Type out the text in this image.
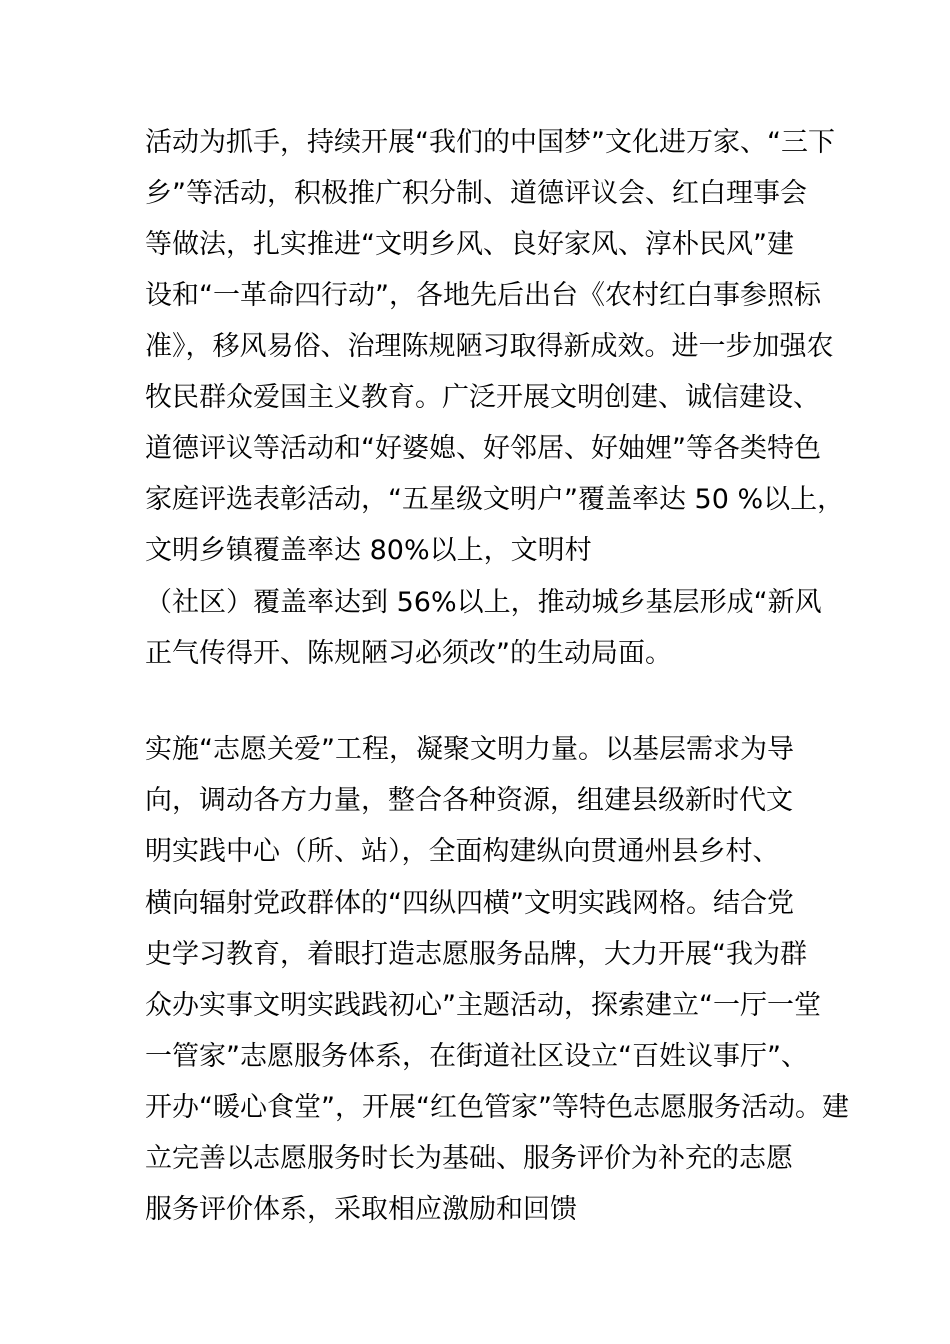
活动为抓手，持续开展“我们的中国梦”文化进万家、“三下
乡”等活动，积极推广积分制、道德评议会、红白理事会
等做法，扎实推进“文明乡风、良好家风、淳朴民风”建
设和“一革命四行动”，各地先后出台《农村红白事参照标
准》，移风易俗、治理陈规陋习取得新成效。进一步加强农
牧民群众爱国主义教育。广泛开展文明创建、诚信建设、
道德评议等活动和“好婆媳、好邻居、好妯娌”等各类特色
家庭评选表彰活动，“五星级文明户”覆盖率达 50 %以上，
文明乡镇覆盖率达 80%以上，文明村
（社区）覆盖率达到 56%以上，推动城乡基层形成“新风
正气传得开、陈规陋习必须改”的生动局面。
实施“志愿关爱”工程，凝聚文明力量。以基层需求为导
向，调动各方力量，整合各种资源，组建县级新时代文
明实践中心（所、站），全面构建纵向贯通州县乡村、
横向辐射党政群体的“四纵四横”文明实践网格。结合党
史学习教育，着眼打造志愿服务品牌，大力开展“我为群
众办实事文明实践践初心”主题活动，探索建立“一厅一堂
一管家”志愿服务体系，在街道社区设立“百姓议事厅”、
开办“暖心食堂”，开展“红色管家”等特色志愿服务活动。建
立完善以志愿服务时长为基础、服务评价为补充的志愿
服务评价体系，采取相应激励和回馈
